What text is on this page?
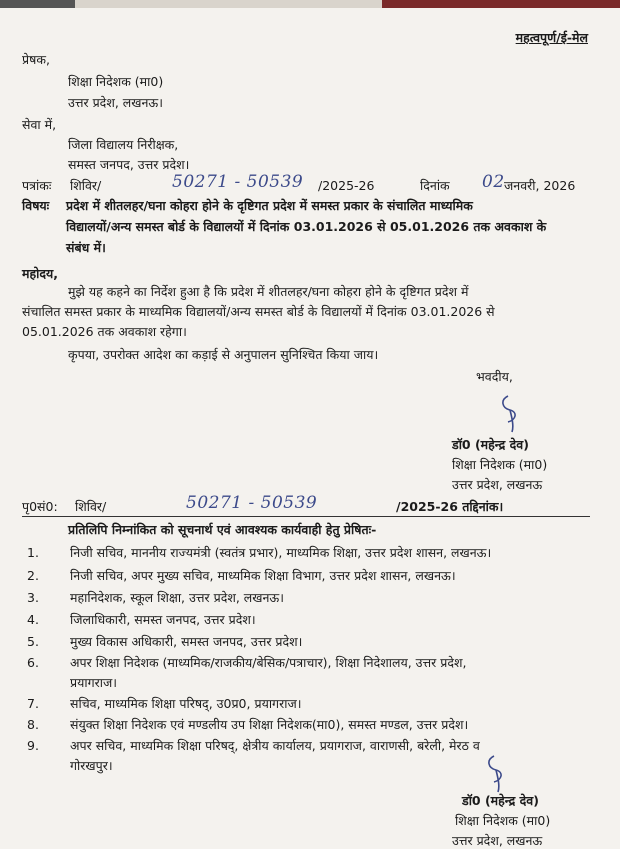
महत्वपूर्ण/ई-मेल
प्रेषक,
शिक्षा निदेशक (मा0)
उत्तर प्रदेश, लखनऊ।
सेवा में,
जिला विद्यालय निरीक्षक,
समस्त जनपद, उत्तर प्रदेश।
पत्रांकः शिविर/	50271 - 50539 /2025-26	दिनांक 02 जनवरी, 2026
विषयः प्रदेश में शीतलहर/घना कोहरा होने के दृष्टिगत प्रदेश में समस्त प्रकार के संचालित माध्यमिक
विद्यालयों/अन्य समस्त बोर्ड के विद्यालयों में दिनांक 03.01.2026 से 05.01.2026 तक अवकाश के
संबंध में।
महोदय,
मुझे यह कहने का निर्देश हुआ है कि प्रदेश में शीतलहर/घना कोहरा होने के दृष्टिगत प्रदेश में
संचालित समस्त प्रकार के माध्यमिक विद्यालयों/अन्य समस्त बोर्ड के विद्यालयों में दिनांक 03.01.2026 से
05.01.2026 तक अवकाश रहेगा।
कृपया, उपरोक्त आदेश का कड़ाई से अनुपालन सुनिश्चित किया जाय।
भवदीय,
डॉ0 (महेन्द्र देव)
शिक्षा निदेशक (मा0)
उत्तर प्रदेश, लखनऊ
पृ0सं0: शिविर/	50271 - 50539	/2025-26 तद्दिनांक।
प्रतिलिपि निम्नांकित को सूचनार्थ एवं आवश्यक कार्यवाही हेतु प्रेषितः-
1. निजी सचिव, माननीय राज्यमंत्री (स्वतंत्र प्रभार), माध्यमिक शिक्षा, उत्तर प्रदेश शासन, लखनऊ।
2. निजी सचिव, अपर मुख्य सचिव, माध्यमिक शिक्षा विभाग, उत्तर प्रदेश शासन, लखनऊ।
3. महानिदेशक, स्कूल शिक्षा, उत्तर प्रदेश, लखनऊ।
4. जिलाधिकारी, समस्त जनपद, उत्तर प्रदेश।
5. मुख्य विकास अधिकारी, समस्त जनपद, उत्तर प्रदेश।
6. अपर शिक्षा निदेशक (माध्यमिक/राजकीय/बेसिक/पत्राचार), शिक्षा निदेशालय, उत्तर प्रदेश,
प्रयागराज।
7. सचिव, माध्यमिक शिक्षा परिषद्, उ0प्र0, प्रयागराज।
8. संयुक्त शिक्षा निदेशक एवं मण्डलीय उप शिक्षा निदेशक(मा0), समस्त मण्डल, उत्तर प्रदेश।
9. अपर सचिव, माध्यमिक शिक्षा परिषद्, क्षेत्रीय कार्यालय, प्रयागराज, वाराणसी, बरेली, मेरठ व
गोरखपुर।
डॉ0 (महेन्द्र देव)
शिक्षा निदेशक (मा0)
उत्तर प्रदेश, लखनऊ
